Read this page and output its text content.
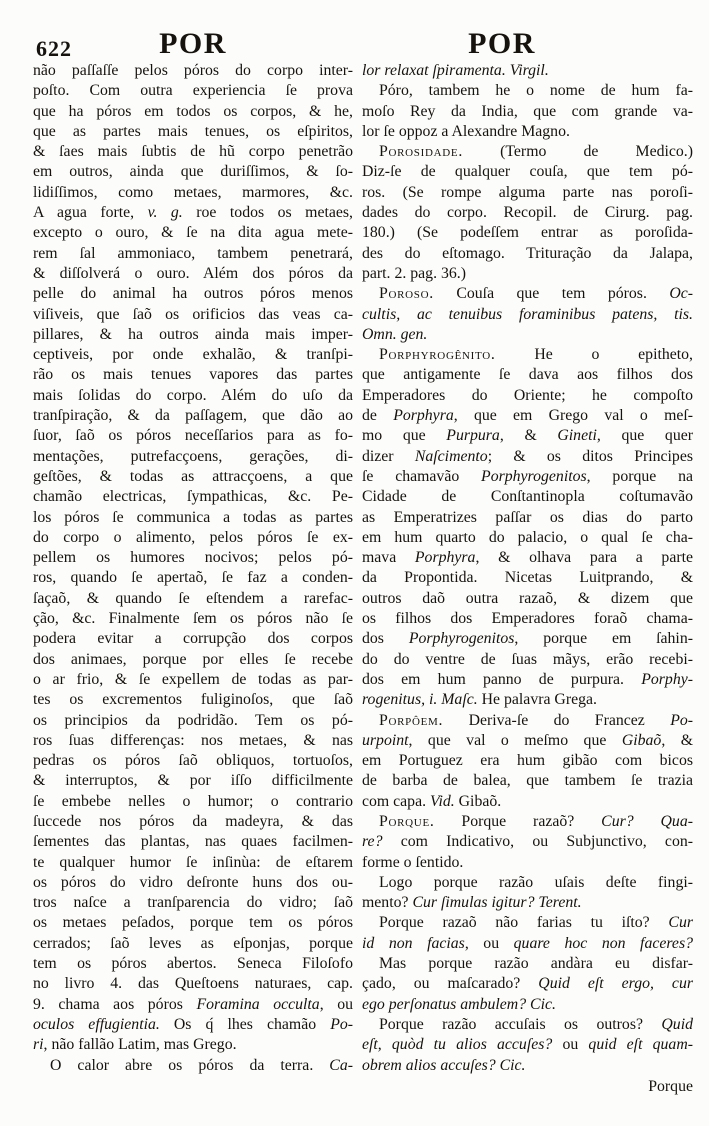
622	POR	POR
não paſſaſſe pelos póros do corpo inter-
poſto. Com outra experiencia ſe prova
que ha póros em todos os corpos, & he,
que as partes mais tenues, os eſpiritos,
& ſaes mais ſubtis de hũ corpo penetrão
em outros, ainda que duriſſimos, & ſo-
lidiſſimos, como metaes, marmores, &c.
A agua forte, v. g. roe todos os metaes,
excepto o ouro, & ſe na dita agua mete-
rem ſal ammoniaco, tambem penetrará,
& diſſolverá o ouro. Além dos póros da
pelle do animal ha outros póros menos
viſiveis, que ſaõ os orificios das veas ca-
pillares, & ha outros ainda mais imper-
ceptiveis, por onde exhalão, & tranſpi-
rão os mais tenues vapores das partes
mais ſolidas do corpo. Além do uſo da
tranſpiração, & da paſſagem, que dão ao
ſuor, ſaõ os póros neceſſarios para as fo-
mentações, putrefacçoens, gerações, di-
geſtões, & todas as attracçoens, a que
chamão electricas, ſympathicas, &c. Pe-
los póros ſe communica a todas as partes
do corpo o alimento, pelos póros ſe ex-
pellem os humores nocivos; pelos pó-
ros, quando ſe apertaõ, ſe faz a conden-
ſaçaõ, & quando ſe eſtendem a rarefac-
ção, &c. Finalmente ſem os póros não ſe
podera evitar a corrupção dos corpos
dos animaes, porque por elles ſe recebe
o ar frio, & ſe expellem de todas as par-
tes os excrementos fuliginoſos, que ſaõ
os principios da podridão. Tem os pó-
ros ſuas differenças: nos metaes, & nas
pedras os póros ſaõ obliquos, tortuoſos,
& interruptos, & por iſſo difficilmente
ſe embebe nelles o humor; o contrario
ſuccede nos póros da madeyra, & das
ſementes das plantas, nas quaes facilmen-
te qualquer humor ſe inſinùa: de eſtarem
os póros do vidro deſronte huns dos ou-
tros naſce a tranſparencia do vidro; ſaõ
os metaes peſados, porque tem os póros
cerrados; ſaõ leves as eſponjas, porque
tem os póros abertos. Seneca Filoſofo
no livro 4. das Queſtoens naturaes, cap.
9. chama aos póros Foramina occulta, ou
oculos effugientia. Os q́ lhes chamão Po-
ri, não fallão Latim, mas Grego.
O calor abre os póros da terra. Ca-
lor relaxat ſpiramenta. Virgil.
Póro, tambem he o nome de hum fa-
moſo Rey da India, que com grande va-
lor ſe oppoz a Alexandre Magno.
Porosidade. (Termo de Medico.)
Diz-ſe de qualquer couſa, que tem pó-
ros. (Se rompe alguma parte nas poroſi-
dades do corpo. Recopil. de Cirurg. pag.
180.) (Se podeſſem entrar as poroſida-
des do eſtomago. Trituração da Jalapa,
part. 2. pag. 36.)
Poroso. Couſa que tem póros. Oc-
cultis, ac tenuibus foraminibus patens, tis.
Omn. gen.
Porphyrogênito. He o epitheto,
que antigamente ſe dava aos filhos dos
Emperadores do Oriente; he compoſto
de Porphyra, que em Grego val o meſ-
mo que Purpura, & Gineti, que quer
dizer Naſcimento; & os ditos Principes
ſe chamavão Porphyrogenitos, porque na
Cidade de Conſtantinopla coſtumavão
as Emperatrizes paſſar os dias do parto
em hum quarto do palacio, o qual ſe cha-
mava Porphyra, & olhava para a parte
da Propontida. Nicetas Luitprando, &
outros daõ outra razaõ, & dizem que
os filhos dos Emperadores foraõ chama-
dos Porphyrogenitos, porque em ſahin-
do do ventre de ſuas mãys, erão recebi-
dos em hum panno de purpura. Porphy-
rogenitus, i. Maſc. He palavra Grega.
Porpôem. Deriva-ſe do Francez Po-
urpoint, que val o meſmo que Gibaõ, &
em Portuguez era hum gibão com bicos
de barba de balea, que tambem ſe trazia
com capa. Vid. Gibaõ.
Porque. Porque razaõ? Cur? Qua-
re? com Indicativo, ou Subjunctivo, con-
forme o ſentido.
Logo porque razão uſais deſte fingi-
mento? Cur ſimulas igitur? Terent.
Porque razaõ não farias tu iſto? Cur
id non facias, ou quare hoc non faceres?
Mas porque razão andàra eu disfar-
çado, ou maſcarado? Quid eſt ergo, cur
ego perſonatus ambulem? Cic.
Porque razão accuſais os outros? Quid
eſt, quòd tu alios accuſes? ou quid eſt quam-
obrem alios accuſes? Cic.
Porque
